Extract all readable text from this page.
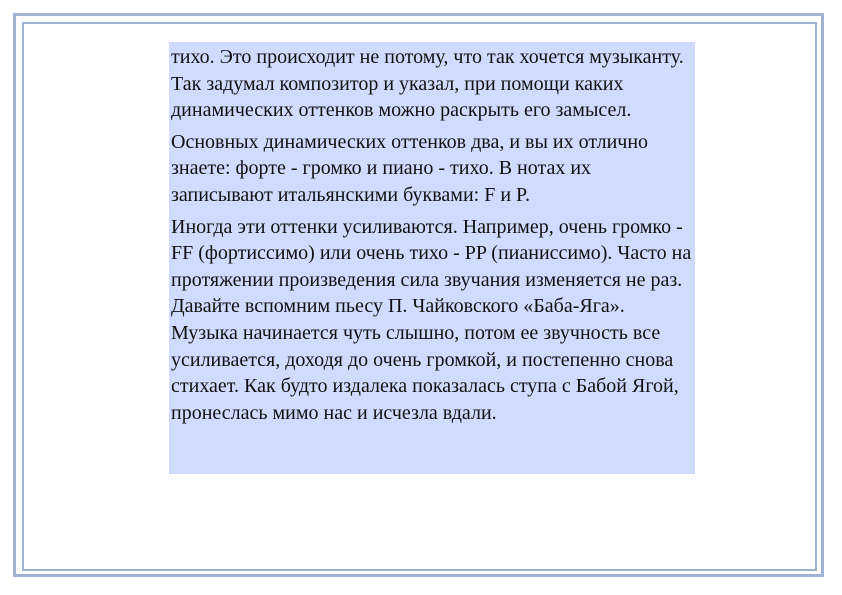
тихо. Это происходит не потому, что так хочется музыканту. Так задумал композитор и указал, при помощи каких динамических оттенков можно раскрыть его замысел.

Основных динамических оттенков два, и вы их отлично знаете: форте - громко и пиано - тихо. В нотах их записывают итальянскими буквами: F и P.

Иногда эти оттенки усиливаются. Например, очень громко - FF (фортиссимо) или очень тихо - PP (пианиссимо). Часто на протяжении произведения сила звучания изменяется не раз. Давайте вспомним пьесу П. Чайковского «Баба-Яга». Музыка начинается чуть слышно, потом ее звучность все усиливается, доходя до очень громкой, и постепенно снова стихает. Как будто издалека показалась ступа с Бабой Ягой, пронеслась мимо нас и исчезла вдали.
